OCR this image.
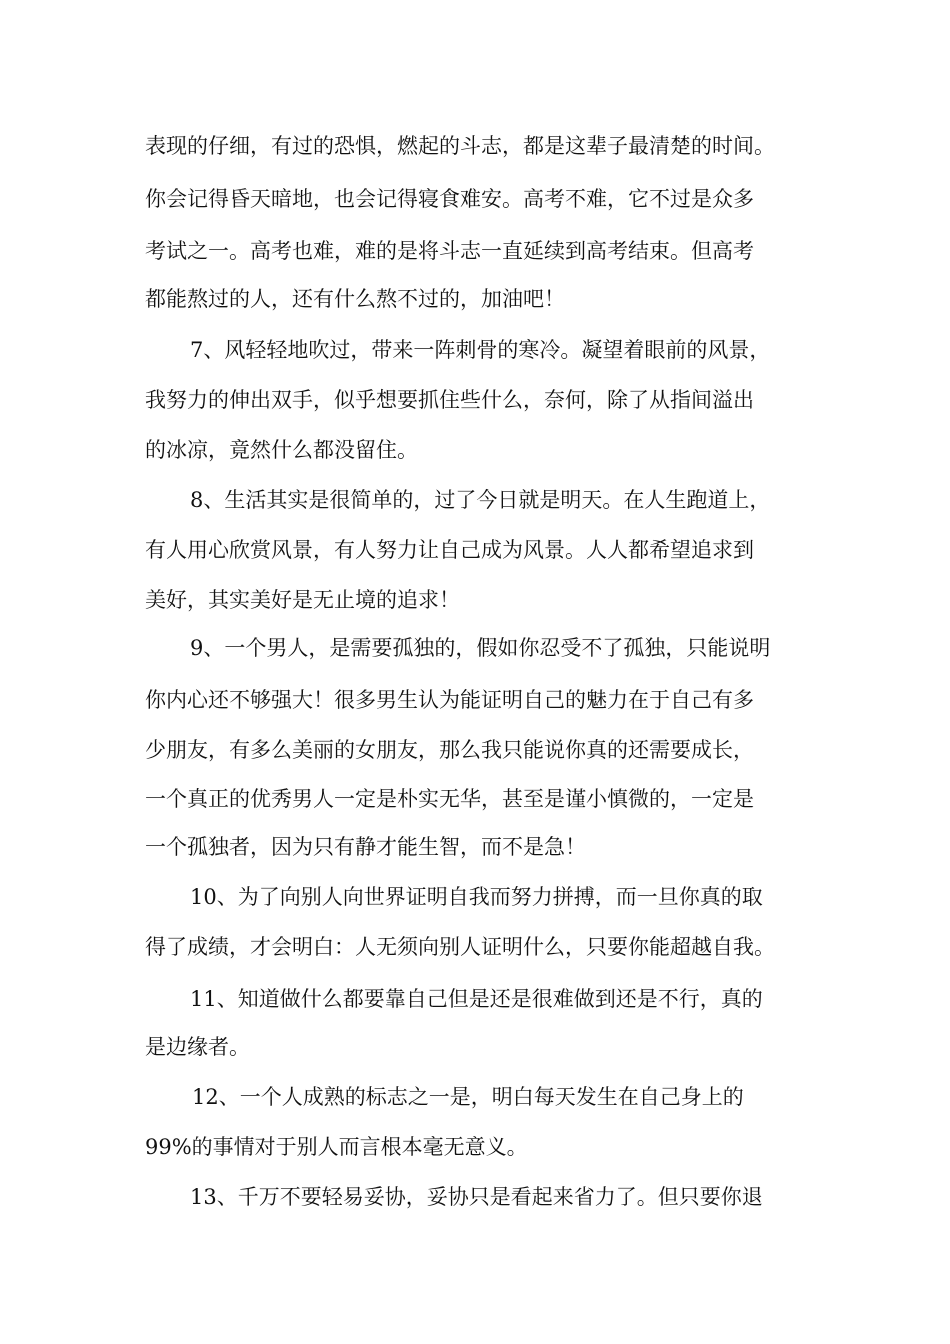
表现的仔细，有过的恐惧，燃起的斗志，都是这辈子最清楚的时间。

你会记得昏天暗地，也会记得寝食难安。高考不难，它不过是众多

考试之一。高考也难，难的是将斗志一直延续到高考结束。但高考

都能熬过的人，还有什么熬不过的，加油吧！

7、风轻轻地吹过，带来一阵刺骨的寒冷。凝望着眼前的风景，

我努力的伸出双手，似乎想要抓住些什么，奈何，除了从指间溢出

的冰凉，竟然什么都没留住。

8、生活其实是很简单的，过了今日就是明天。在人生跑道上，

有人用心欣赏风景，有人努力让自己成为风景。人人都希望追求到

美好，其实美好是无止境的追求！

9、一个男人，是需要孤独的，假如你忍受不了孤独，只能说明

你内心还不够强大！很多男生认为能证明自己的魅力在于自己有多

少朋友，有多么美丽的女朋友，那么我只能说你真的还需要成长，

一个真正的优秀男人一定是朴实无华，甚至是谨小慎微的，一定是

一个孤独者，因为只有静才能生智，而不是急！

10、为了向别人向世界证明自我而努力拼搏，而一旦你真的取

得了成绩，才会明白：人无须向别人证明什么，只要你能超越自我。

11、知道做什么都要靠自己但是还是很难做到还是不行，真的

是边缘者。

12、一个人成熟的标志之一是，明白每天发生在自己身上的

99%的事情对于别人而言根本毫无意义。

13、千万不要轻易妥协，妥协只是看起来省力了。但只要你退
